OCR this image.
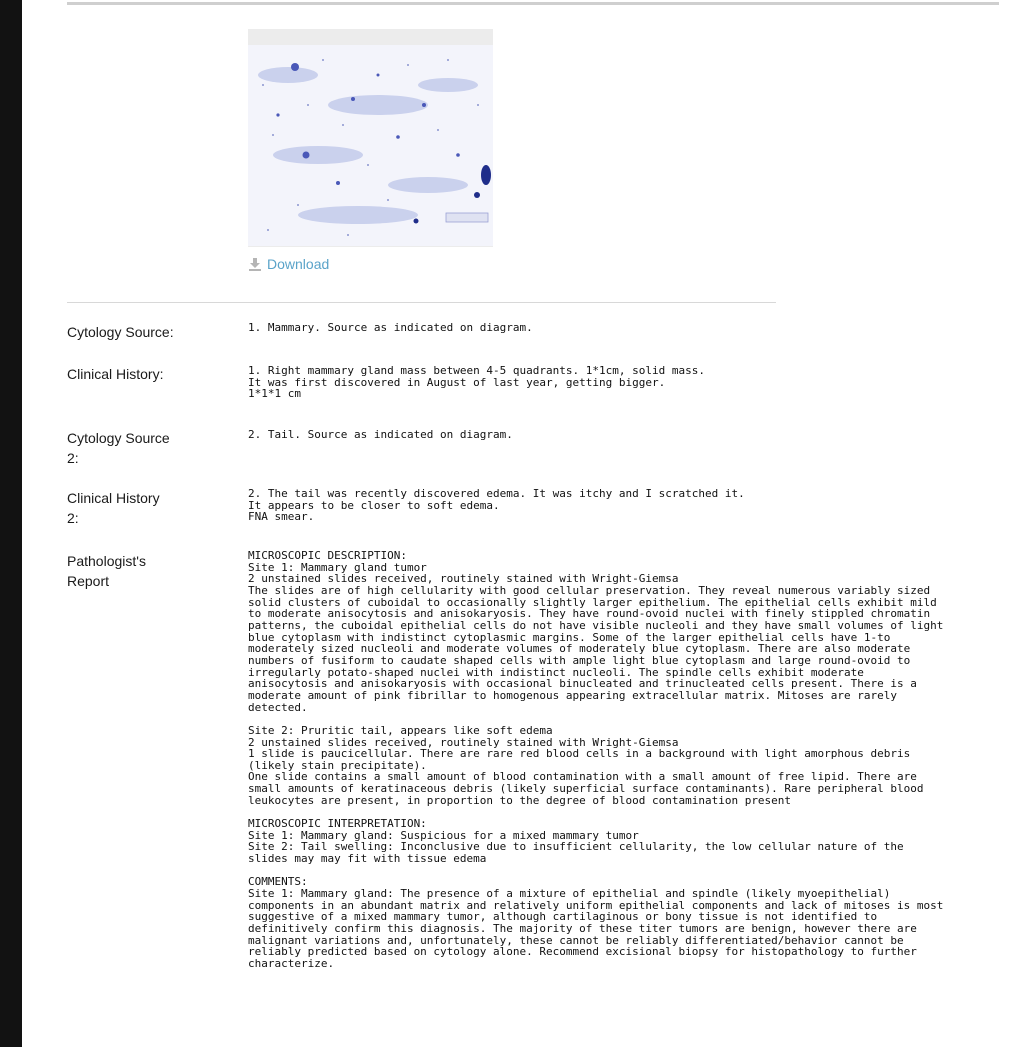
Download
Cytology Source:	1. Mammary. Source as indicated on diagram.
Clinical History:	1. Right mammary gland mass between 4-5 quadrants. 1*1cm, solid mass.
It was first discovered in August of last year, getting bigger.
1*1*1 cm
Cytology Source
2:
2. Tail. Source as indicated on diagram.
Clinical History
2:
2. The tail was recently discovered edema. It was itchy and I scratched it.
It appears to be closer to soft edema.
FNA smear.
Pathologist's
Report
MICROSCOPIC DESCRIPTION:
Site 1: Mammary gland tumor
2 unstained slides received, routinely stained with Wright-Giemsa
The slides are of high cellularity with good cellular preservation. They reveal numerous variably sized
solid clusters of cuboidal to occasionally slightly larger epithelium. The epithelial cells exhibit mild
to moderate anisocytosis and anisokaryosis. They have round-ovoid nuclei with finely stippled chromatin
patterns, the cuboidal epithelial cells do not have visible nucleoli and they have small volumes of light
blue cytoplasm with indistinct cytoplasmic margins. Some of the larger epithelial cells have 1-to
moderately sized nucleoli and moderate volumes of moderately blue cytoplasm. There are also moderate
numbers of fusiform to caudate shaped cells with ample light blue cytoplasm and large round-ovoid to
irregularly potato-shaped nuclei with indistinct nucleoli. The spindle cells exhibit moderate
anisocytosis and anisokaryosis with occasional binucleated and trinucleated cells present. There is a
moderate amount of pink fibrillar to homogenous appearing extracellular matrix. Mitoses are rarely
detected.

Site 2: Pruritic tail, appears like soft edema
2 unstained slides received, routinely stained with Wright-Giemsa
1 slide is paucicellular. There are rare red blood cells in a background with light amorphous debris
(likely stain precipitate).
One slide contains a small amount of blood contamination with a small amount of free lipid. There are
small amounts of keratinaceous debris (likely superficial surface contaminants). Rare peripheral blood
leukocytes are present, in proportion to the degree of blood contamination present

MICROSCOPIC INTERPRETATION:
Site 1: Mammary gland: Suspicious for a mixed mammary tumor
Site 2: Tail swelling: Inconclusive due to insufficient cellularity, the low cellular nature of the
slides may may fit with tissue edema

COMMENTS:
Site 1: Mammary gland: The presence of a mixture of epithelial and spindle (likely myoepithelial)
components in an abundant matrix and relatively uniform epithelial components and lack of mitoses is most
suggestive of a mixed mammary tumor, although cartilaginous or bony tissue is not identified to
definitively confirm this diagnosis. The majority of these titer tumors are benign, however there are
malignant variations and, unfortunately, these cannot be reliably differentiated/behavior cannot be
reliably predicted based on cytology alone. Recommend excisional biopsy for histopathology to further
characterize.
